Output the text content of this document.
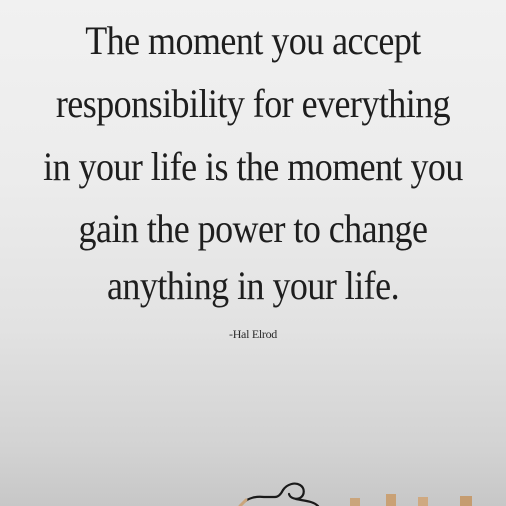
The moment you accept
responsibility for everything
in your life is the moment you
gain the power to change
anything in your life.
-Hal Elrod
